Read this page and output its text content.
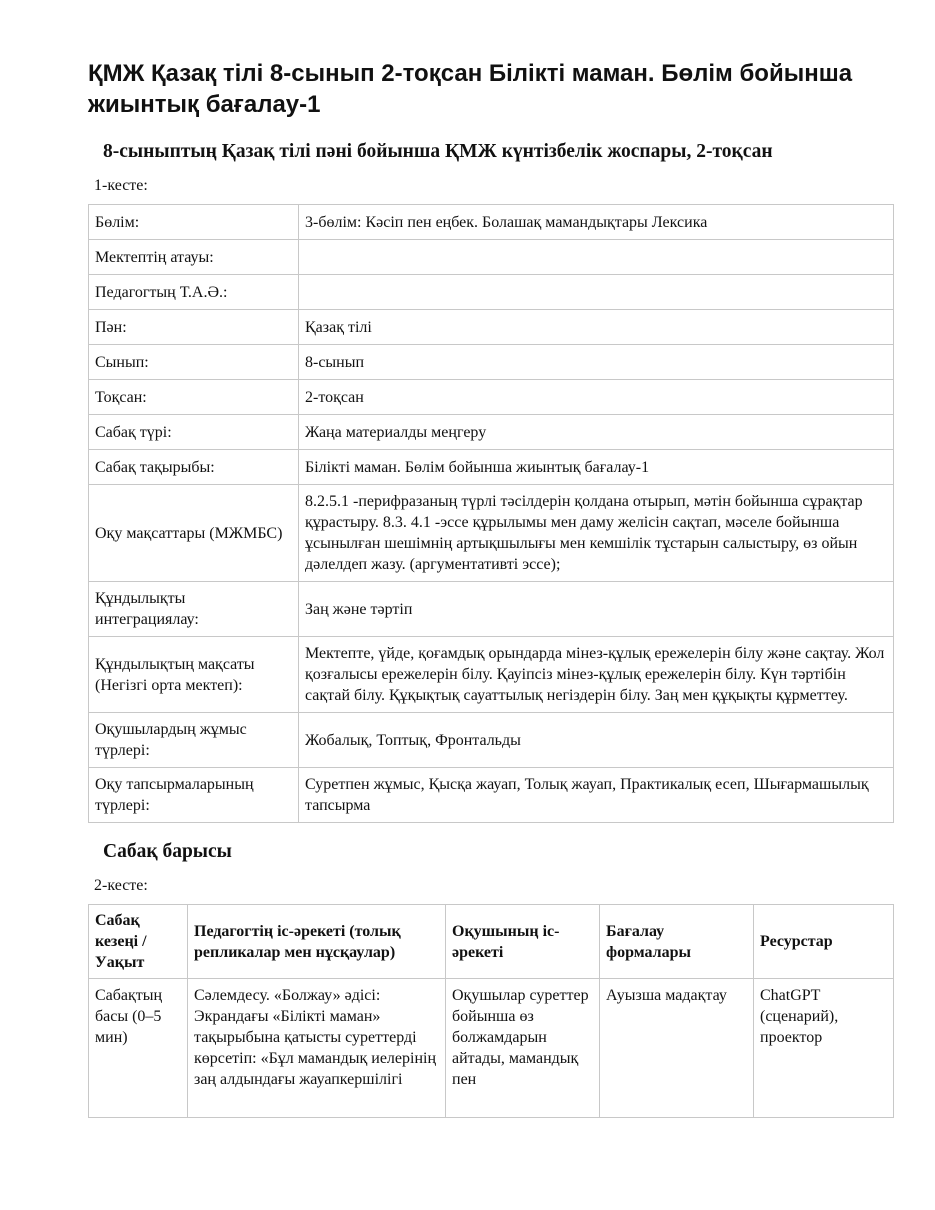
ҚМЖ Қазақ тілі 8-сынып 2-тоқсан Білікті маман. Бөлім бойынша жиынтық бағалау-1
8-сыныптың Қазақ тілі пәні бойынша ҚМЖ күнтізбелік жоспары, 2-тоқсан
1-кесте:
Бөлім:	3-бөлім: Кәсіп пен еңбек. Болашақ мамандықтары Лексика
Мектептің атауы:	
Педагогтың Т.А.Ә.:	
Пән:	Қазақ тілі
Сынып:	8-сынып
Тоқсан:	2-тоқсан
Сабақ түрі:	Жаңа материалды меңгеру
Сабақ тақырыбы:	Білікті маман. Бөлім бойынша жиынтық бағалау-1
Оқу мақсаттары (МЖМБС)	8.2.5.1 -перифразаның түрлі тәсілдерін қолдана отырып, мәтін бойынша сұрақтар құрастыру. 8.3. 4.1 -эссе құрылымы мен даму желісін сақтап, мәселе бойынша ұсынылған шешімнің артықшылығы мен кемшілік тұстарын салыстыру, өз ойын дәлелдеп жазу. (аргументативті эссе);
Құндылықты интеграциялау:	Заң және тәртіп
Құндылықтың мақсаты (Негізгі орта мектеп):	Мектепте, үйде, қоғамдық орындарда мінез-құлық ережелерін білу және сақтау. Жол қозғалысы ережелерін білу. Қауіпсіз мінез-құлық ережелерін білу. Күн тәртібін сақтай білу. Құқықтық сауаттылық негіздерін білу. Заң мен құқықты құрметтеу.
Оқушылардың жұмыс түрлері:	Жобалық, Топтық, Фронтальды
Оқу тапсырмаларының түрлері:	Суретпен жұмыс, Қысқа жауап, Толық жауап, Практикалық есеп, Шығармашылық тапсырма
Сабақ барысы
2-кесте:
Сабақ кезеңі / Уақыт	Педагогтің іс-әрекеті (толық репликалар мен нұсқаулар)	Оқушының іс-әрекеті	Бағалау формалары	Ресурстар
Сабақтың басы (0–5 мин)	Сәлемдесу. «Болжау» әдісі: Экрандағы «Білікті маман» тақырыбына қатысты суреттерді көрсетіп: «Бұл мамандық иелерінің заң алдындағы жауапкершілігі	Оқушылар суреттер бойынша өз болжамдарын айтады, мамандық пен	Ауызша мадақтау	ChatGPT (сценарий), проектор
